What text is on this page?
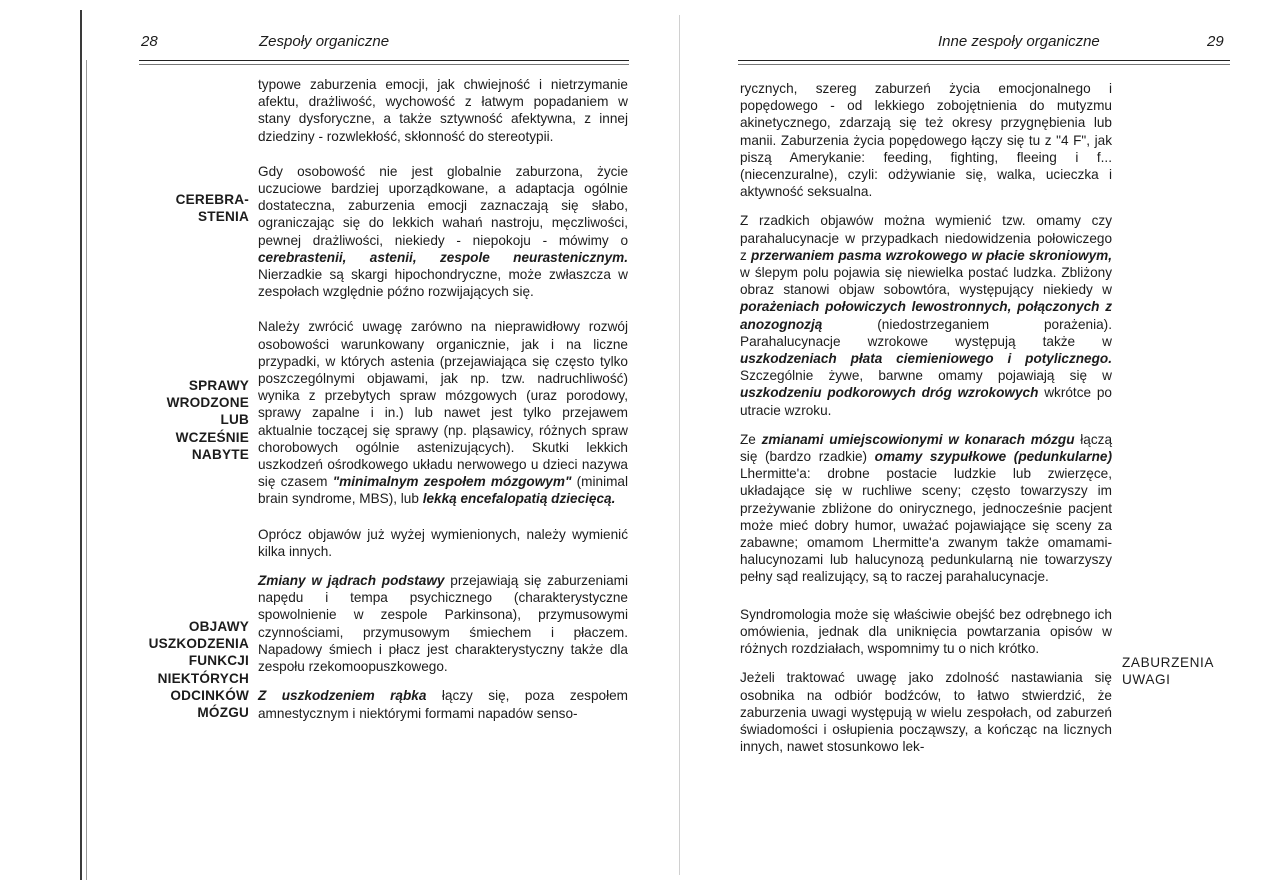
28	Zespoły organiczne

typowe zaburzenia emocji, jak chwiejność i nietrzymanie afektu, drażliwość, wychowość z łatwym popadaniem w stany dysforyczne, a także sztywność afektywna, z innej dziedziny - rozwlekłość, skłonność do stereotypii.

Gdy osobowość nie jest globalnie zaburzona, życie uczuciowe bardziej uporządkowane, a adaptacja ogólnie dostateczna, zaburzenia emocji zaznaczają się słabo, ograniczając się do lekkich wahań nastroju, męczliwości, pewnej drażliwości, niekiedy - niepokoju - mówimy o cerebrastenii, astenii, zespole neurastenicznym. Nierzadkie są skargi hipochondryczne, może zwłaszcza w zespołach względnie późno rozwijających się.

Należy zwrócić uwagę zarówno na nieprawidłowy rozwój osobowości warunkowany organicznie, jak i na liczne przypadki, w których astenia (przejawiająca się często tylko poszczególnymi objawami, jak np. tzw. nadruchliwość) wynika z przebytych spraw mózgowych (uraz porodowy, sprawy zapalne i in.) lub nawet jest tylko przejawem aktualnie toczącej się sprawy (np. pląsawicy, różnych spraw chorobowych ogólnie astenizujących). Skutki lekkich uszkodzeń ośrodkowego układu nerwowego u dzieci nazywa się czasem "minimalnym zespołem mózgowym" (minimal brain syndrome, MBS), lub lekką encefalopatią dziecięcą.

Oprócz objawów już wyżej wymienionych, należy wymienić kilka innych.

Zmiany w jądrach podstawy przejawiają się zaburzeniami napędu i tempa psychicznego (charakterystyczne spowolnienie w zespole Parkinsona), przymusowymi czynnościami, przymusowym śmiechem i płaczem. Napadowy śmiech i płacz jest charakterystyczny także dla zespołu rzekomoopuszkowego.

Z uszkodzeniem rąbka łączy się, poza zespołem amnestycznym i niektórymi formami napadów senso-

CEREBRA-
STENIA
SPRAWY
WRODZONE
LUB
WCZEŚNIE
NABYTE
OBJAWY
USZKODZENIA
FUNKCJI
NIEKTÓRYCH
ODCINKÓW
MÓZGU
Inne zespoły organiczne	29

rycznych, szereg zaburzeń życia emocjonalnego i popędowego - od lekkiego zobojętnienia do mutyzmu akinetycznego, zdarzają się też okresy przygnębienia lub manii. Zaburzenia życia popędowego łączy się tu z "4 F", jak piszą Amerykanie: feeding, fighting, fleeing i f...(niecenzuralne), czyli: odżywianie się, walka, ucieczka i aktywność seksualna.

Z rzadkich objawów można wymienić tzw. omamy czy parahalucynacje w przypadkach niedowidzenia połowiczego z przerwaniem pasma wzrokowego w płacie skroniowym, w ślepym polu pojawia się niewielka postać ludzka. Zbliżony obraz stanowi objaw sobowtóra, występujący niekiedy w porażeniach połowiczych lewostronnych, połączonych z anozognozją (niedostrzeganiem porażenia). Parahalucynacje wzrokowe występują także w uszkodzeniach płata ciemieniowego i potylicznego. Szczególnie żywe, barwne omamy pojawiają się w uszkodzeniu podkorowych dróg wzrokowych wkrótce po utracie wzroku.

Ze zmianami umiejscowionymi w konarach mózgu łączą się (bardzo rzadkie) omamy szypułkowe (pedunkularne) Lhermitte'a: drobne postacie ludzkie lub zwierzęce, układające się w ruchliwe sceny; często towarzyszy im przeżywanie zbliżone do onirycznego, jednocześnie pacjent może mieć dobry humor, uważać pojawiające się sceny za zabawne; omamom Lhermitte'a zwanym także omamami-halucynozami lub halucynozą pedunkularną nie towarzyszy pełny sąd realizujący, są to raczej parahalucynacje.

Syndromologia może się właściwie obejść bez odrębnego ich omówienia, jednak dla uniknięcia powtarzania opisów w różnych rozdziałach, wspomnimy tu o nich krótko.

Jeżeli traktować uwagę jako zdolność nastawiania się osobnika na odbiór bodźców, to łatwo stwierdzić, że zaburzenia uwagi występują w wielu zespołach, od zaburzeń świadomości i osłupienia począwszy, a kończąc na licznych innych, nawet stosunkowo lek-

ZABURZENIA
UWAGI
